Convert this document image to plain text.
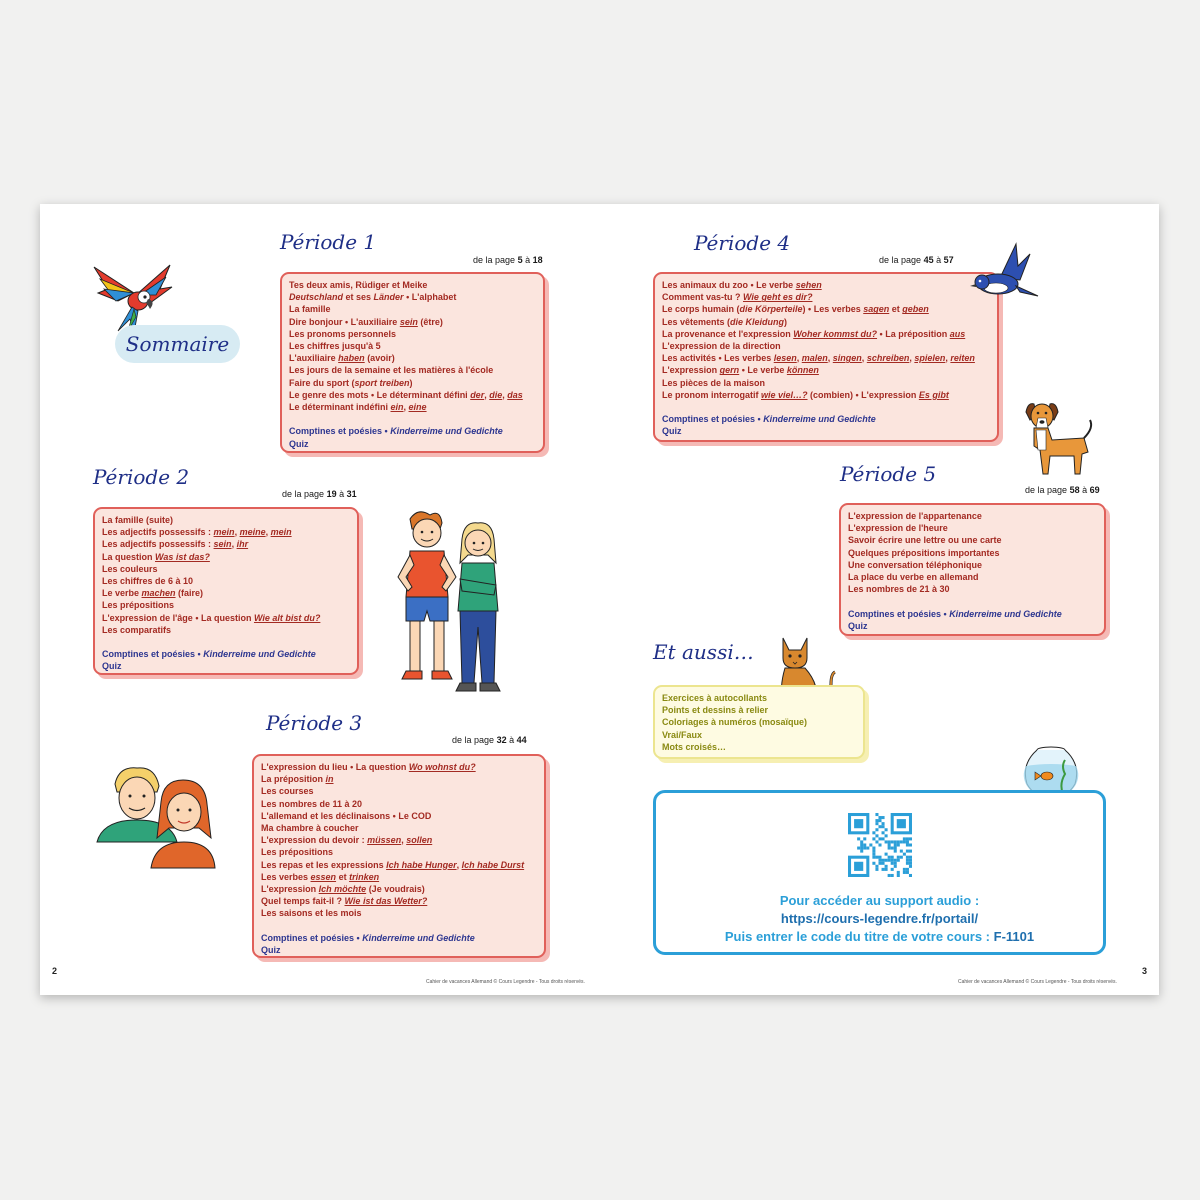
Sommaire
Période 1
de la page 5 à 18
Tes deux amis, Rüdiger et Meike
Deutschland et ses Länder • L'alphabet
La famille
Dire bonjour • L'auxiliaire sein (être)
Les pronoms personnels
Les chiffres jusqu'à 5
L'auxiliaire haben (avoir)
Les jours de la semaine et les matières à l'école
Faire du sport (sport treiben)
Le genre des mots • Le déterminant défini der, die, das
Le déterminant indéfini ein, eine
Comptines et poésies • Kinderreime und Gedichte
Quiz
Période 2
de la page 19 à 31
La famille (suite)
Les adjectifs possessifs : mein, meine, mein
Les adjectifs possessifs : sein, ihr
La question Was ist das?
Les couleurs
Les chiffres de 6 à 10
Le verbe machen (faire)
Les prépositions
L'expression de l'âge • La question Wie alt bist du?
Les comparatifs
Comptines et poésies • Kinderreime und Gedichte
Quiz
Période 3
de la page 32 à 44
L'expression du lieu • La question Wo wohnst du?
La préposition in
Les courses
Les nombres de 11 à 20
L'allemand et les déclinaisons • Le COD
Ma chambre à coucher
L'expression du devoir : müssen, sollen
Les prépositions
Les repas et les expressions Ich habe Hunger, Ich habe Durst
Les verbes essen et trinken
L'expression Ich möchte (Je voudrais)
Quel temps fait-il ? Wie ist das Wetter?
Les saisons et les mois
Comptines et poésies • Kinderreime und Gedichte
Quiz
Période 4
de la page 45 à 57
Les animaux du zoo • Le verbe sehen
Comment vas-tu ? Wie geht es dir?
Le corps humain (die Körperteile) • Les verbes sagen et geben
Les vêtements (die Kleidung)
La provenance et l'expression Woher kommst du? • La préposition aus
L'expression de la direction
Les activités • Les verbes lesen, malen, singen, schreiben, spielen, reiten
L'expression gern • Le verbe können
Les pièces de la maison
Le pronom interrogatif wie viel…? (combien) • L'expression Es gibt
Comptines et poésies • Kinderreime und Gedichte
Quiz
Période 5
de la page 58 à 69
L'expression de l'appartenance
L'expression de l'heure
Savoir écrire une lettre ou une carte
Quelques prépositions importantes
Une conversation téléphonique
La place du verbe en allemand
Les nombres de 21 à 30
Comptines et poésies • Kinderreime und Gedichte
Quiz
Et aussi…
Exercices à autocollants
Points et dessins à relier
Coloriages à numéros (mosaïque)
Vrai/Faux
Mots croisés…
Pour accéder au support audio :
https://cours-legendre.fr/portail/
Puis entrer le code du titre de votre cours : F-1101
2	3
Cahier de vacances Allemand © Cours Legendre - Tous droits réservés.	Cahier de vacances Allemand © Cours Legendre - Tous droits réservés.
